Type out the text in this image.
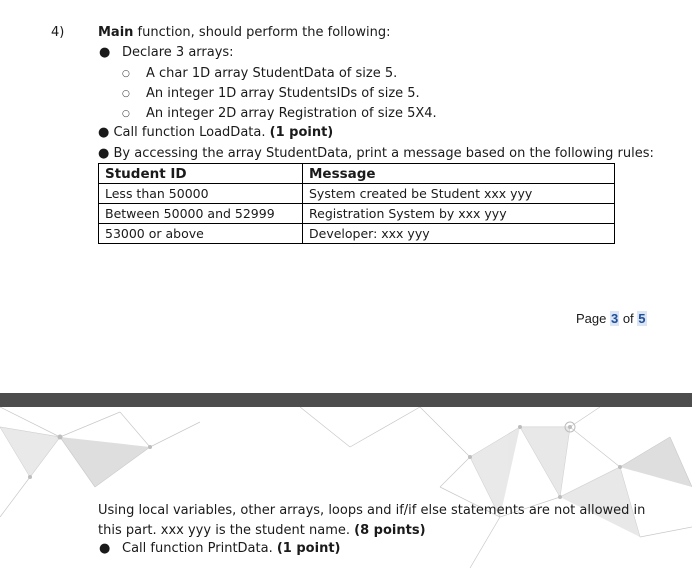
4)	Main function, should perform the following:
● Declare 3 arrays:
○ A char 1D array StudentData of size 5.
○ An integer 1D array StudentsIDs of size 5.
○ An integer 2D array Registration of size 5X4.
● Call function LoadData. (1 point)
● By accessing the array StudentData, print a message based on the following rules:
Student ID	Message
Less than 50000	System created be Student xxx yyy
Between 50000 and 52999	Registration System by xxx yyy
53000 or above	Developer: xxx yyy
Page 3 of 5
Using local variables, other arrays, loops and if/if else statements are not allowed in
this part. xxx yyy is the student name. (8 points)
● Call function PrintData. (1 point)
